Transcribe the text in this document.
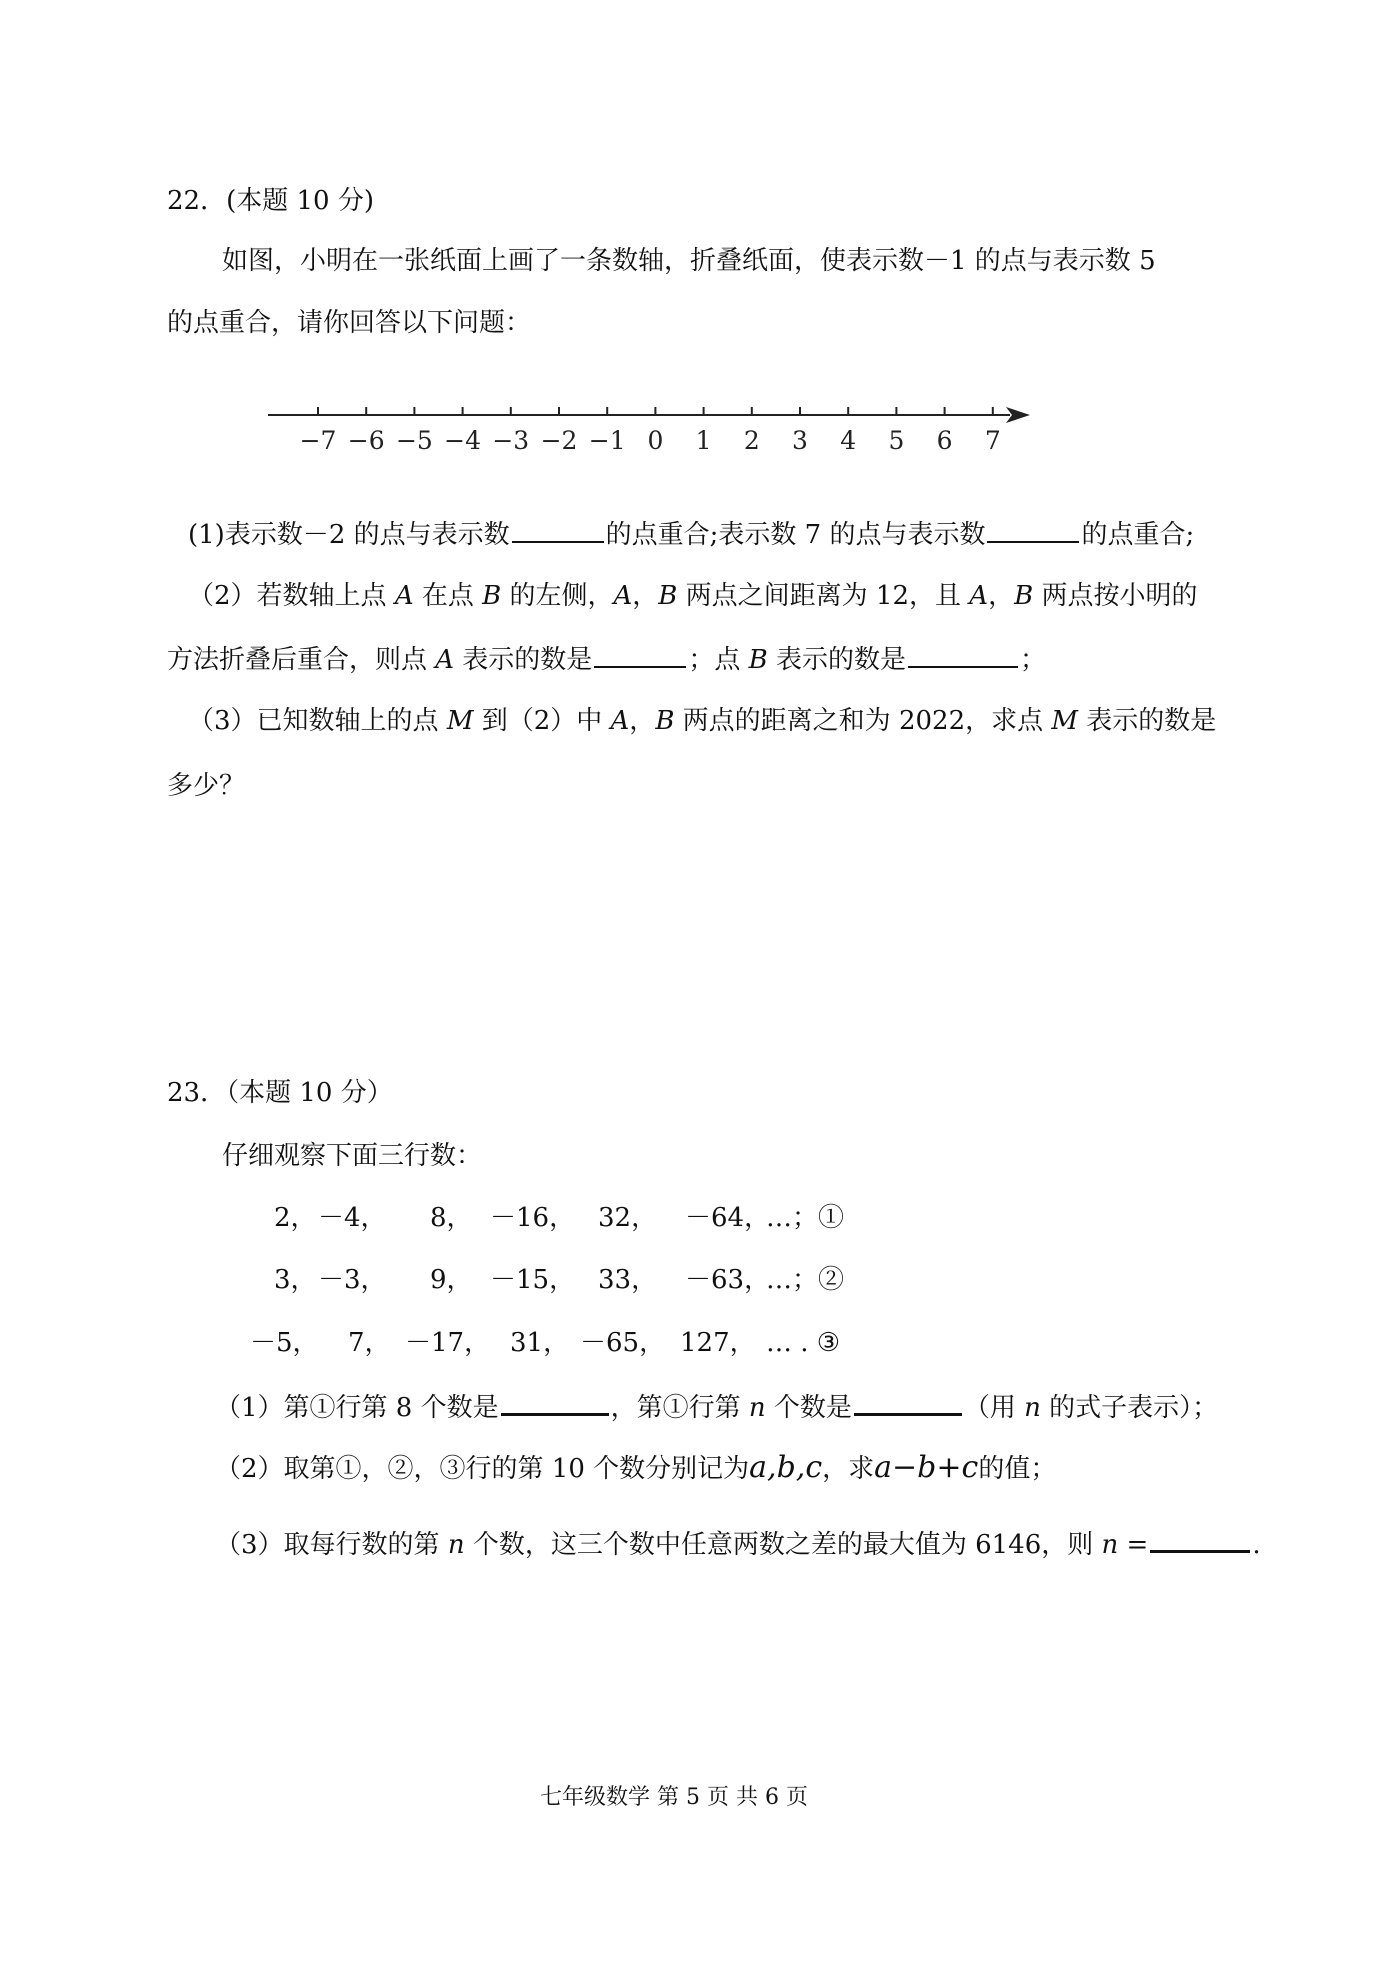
22．(本题 10 分)
如图，小明在一张纸面上画了一条数轴，折叠纸面，使表示数－1 的点与表示数 5
的点重合，请你回答以下问题：
−7 −6 −5 −4 −3 −2 −1 0 1 2 3 4 5 6 7
(1)表示数－2 的点与表示数	的点重合;表示数 7 的点与表示数	的点重合;
（2）若数轴上点 A 在点 B 的左侧，A，B 两点之间距离为 12，且 A，B 两点按小明的
方法折叠后重合，则点 A 表示的数是	；点 B 表示的数是	；
（3）已知数轴上的点 M 到（2）中 A，B 两点的距离之和为 2022，求点 M 表示的数是
多少？
23．（本题 10 分）
仔细观察下面三行数：
2， －4， 8， －16， 32， －64，
…；①
3， －3， 9， －15， 33， －63，
…；②
－5， 7， －17， 31， －65， 127， … . ③
（1）第①行第 8 个数是	，第①行第 n 个数是	（用 n 的式子表示）；
（2）取第①，②，③行的第 10 个数分别记为a,b,c，求a−b+c的值；
（3）取每行数的第 n 个数，这三个数中任意两数之差的最大值为 6146，则 n =	.
七年级数学 第 5 页 共 6 页
